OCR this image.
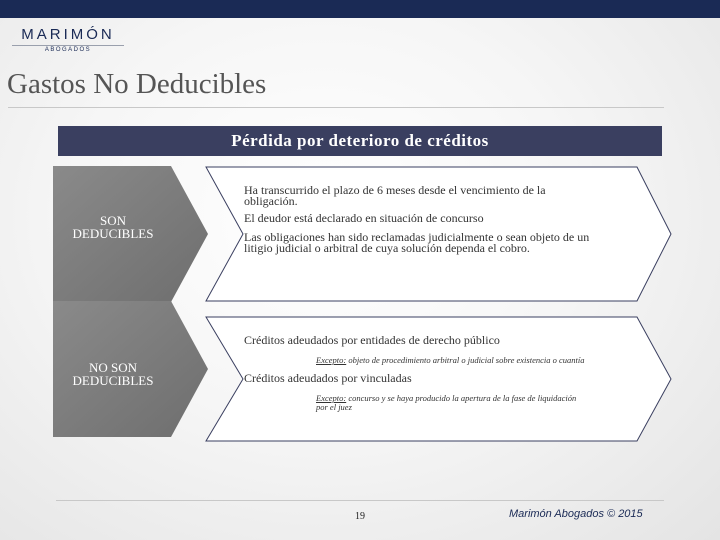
MARIMÓN
ABOGADOS
Gastos No Deducibles
Pérdida por deterioro de créditos
SON
DEDUCIBLES

Ha transcurrido el plazo de 6 meses desde el vencimiento de la obligación.

El deudor está declarado en situación de concurso

Las obligaciones han sido reclamadas judicialmente o sean objeto de un litigio judicial o arbitral de cuya solución dependa el cobro.

NO SON
DEDUCIBLES

Créditos adeudados por entidades de derecho público

Excepto: objeto de procedimiento arbitral o judicial sobre existencia o cuantía

Créditos adeudados por vinculadas

Excepto: concurso y se haya producido la apertura de la fase de liquidación por el juez

19	Marimón Abogados © 2015
